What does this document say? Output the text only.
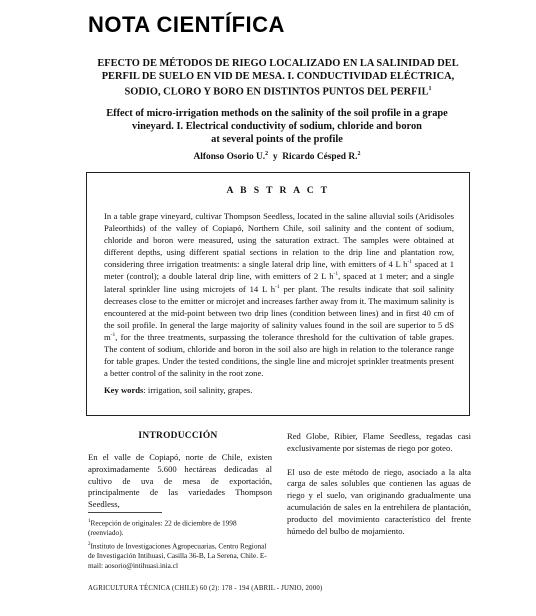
NOTA CIENTÍFICA
EFECTO DE MÉTODOS DE RIEGO LOCALIZADO EN LA SALINIDAD DEL
PERFIL DE SUELO EN VID DE MESA. I. CONDUCTIVIDAD ELÉCTRICA,
SODIO, CLORO Y BORO EN DISTINTOS PUNTOS DEL PERFIL$^1$
Effect of micro-irrigation methods on the salinity of the soil profile in a grape
vineyard. I. Electrical conductivity of sodium, chloride and boron
at several points of the profile
Alfonso Osorio U.$^2$ y Ricardo Césped R.$^2$
A B S T R A C T
In a table grape vineyard, cultivar Thompson Seedless, located in the saline alluvial soils (Aridisoles Paleorthids) of the valley of Copiapó, Northern Chile, soil salinity and the content of sodium, chloride and boron were measured, using the saturation extract. The samples were obtained at different depths, using different spatial sections in relation to the drip line and plantation row, considering three irrigation treatments: a single lateral drip line, with emitters of 4 L $h^{-1}$ spaced at 1 meter (control); a double lateral drip line, with emitters of 2 L $h^{-1}$, spaced at 1 meter; and a single lateral sprinkler line using microjets of 14 L $h^{-1}$ per plant. The results indicate that soil salinity decreases close to the emitter or microjet and increases farther away from it. The maximum salinity is encountered at the mid-point between two drip lines (condition between lines) and in first 40 cm of the soil profile. In general the large majority of salinity values found in the soil are superior to 5 dS $m^{-1}$, for the three treatments, surpassing the tolerance threshold for the cultivation of table grapes. The content of sodium, chloride and boron in the soil also are high in relation to the tolerance range for table grapes. Under the tested conditions, the single line and microjet sprinkler treatments present a better control of the salinity in the root zone.
Key words: irrigation, soil salinity, grapes.
INTRODUCCIÓN
En el valle de Copiapó, norte de Chile, existen aproximadamente 5.600 hectáreas dedicadas al cultivo de uva de mesa de exportación, principalmente de las variedades Thompson Seedless,

$^1$Recepción de originales: 22 de diciembre de 1998 (reenviado).

$^2$Instituto de Investigaciones Agropecuarias, Centro Regional de Investigación Intihuasi, Casilla 36-B, La Serena, Chile. E-mail: aosorio@intihuasi.inia.cl

Red Globe, Ribier, Flame Seedless, regadas casi exclusivamente por sistemas de riego por goteo.

El uso de este método de riego, asociado a la alta carga de sales solubles que contienen las aguas de riego y el suelo, van originando gradualmente una acumulación de sales en la entrehilera de plantación, producto del movimiento característico del frente húmedo del bulbo de mojamiento.

AGRICULTURA TÉCNICA (CHILE) 60 (2): 178 - 194 (ABRIL - JUNIO, 2000)
